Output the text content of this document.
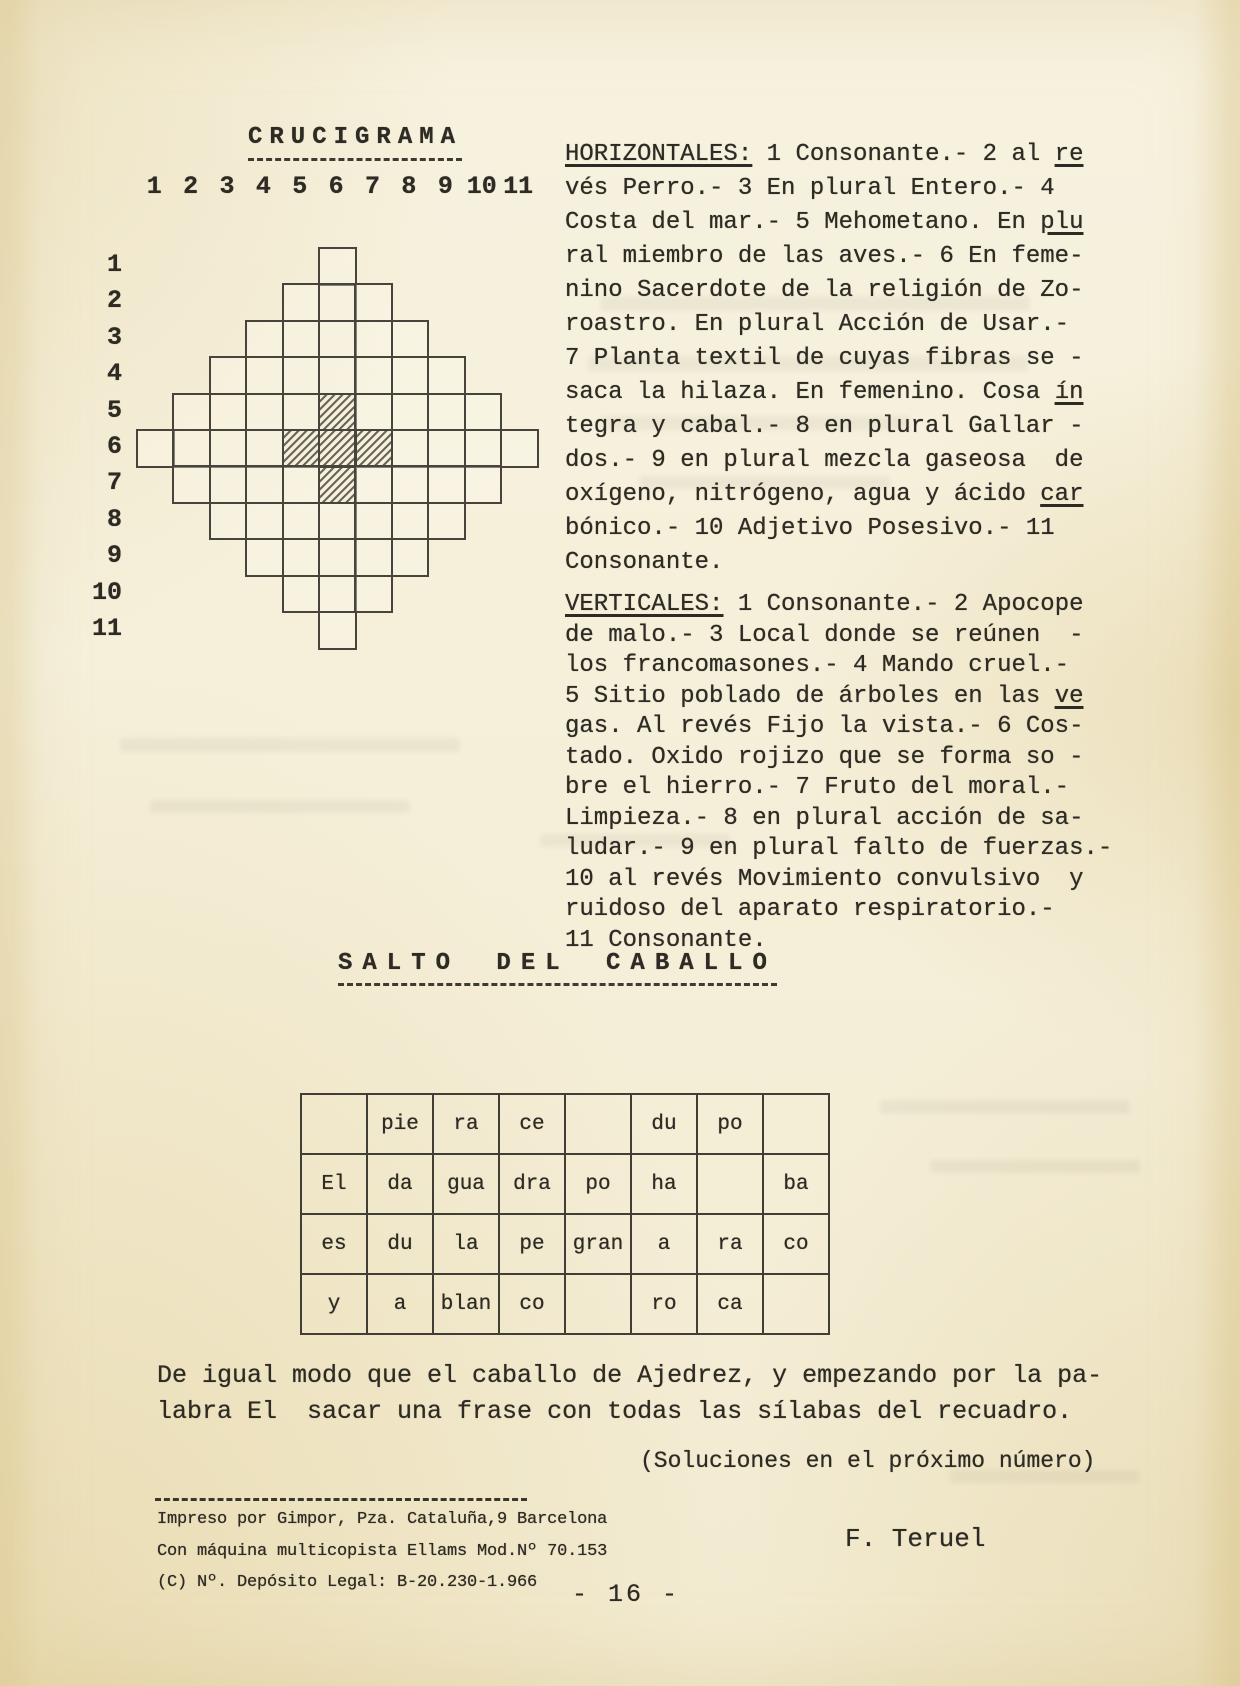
CRUCIGRAMA
1 2 3 4 5 6 7 8 9 10 11
1
2
3
4
5
6
7
8
9
10
11
HORIZONTALES: 1 Consonante.- 2 al re
vés Perro.- 3 En plural Entero.- 4
Costa del mar.- 5 Mehometano. En plu
ral miembro de las aves.- 6 En feme-
nino Sacerdote de la religión de Zo-
roastro. En plural Acción de Usar.-
7 Planta textil de cuyas fibras se -
saca la hilaza. En femenino. Cosa ín
tegra y cabal.- 8 en plural Gallar -
dos.- 9 en plural mezcla gaseosa  de
oxígeno, nitrógeno, agua y ácido car
bónico.- 10 Adjetivo Posesivo.- 11
Consonante.
VERTICALES: 1 Consonante.- 2 Apocope
de malo.- 3 Local donde se reúnen  -
los francomasones.- 4 Mando cruel.-
5 Sitio poblado de árboles en las ve
gas. Al revés Fijo la vista.- 6 Cos-
tado. Oxido rojizo que se forma so -
bre el hierro.- 7 Fruto del moral.-
Limpieza.- 8 en plural acción de sa-
ludar.- 9 en plural falto de fuerzas.-
10 al revés Movimiento convulsivo  y
ruidoso del aparato respiratorio.-
11 Consonante.
SALTO DEL CABALLO
	pie	ra	ce		du	po	
El	da	gua	dra	po	ha		ba
es	du	la	pe	gran	a	ra	co
y	a	blan	co		ro	ca	
De igual modo que el caballo de Ajedrez, y empezando por la pa-
labra El  sacar una frase con todas las sílabas del recuadro.
(Soluciones en el próximo número)
Impreso por Gimpor, Pza. Cataluña,9 Barcelona
Con máquina multicopista Ellams Mod.Nº 70.153
(C) Nº. Depósito Legal: B-20.230-1.966
F. Teruel
- 16 -
